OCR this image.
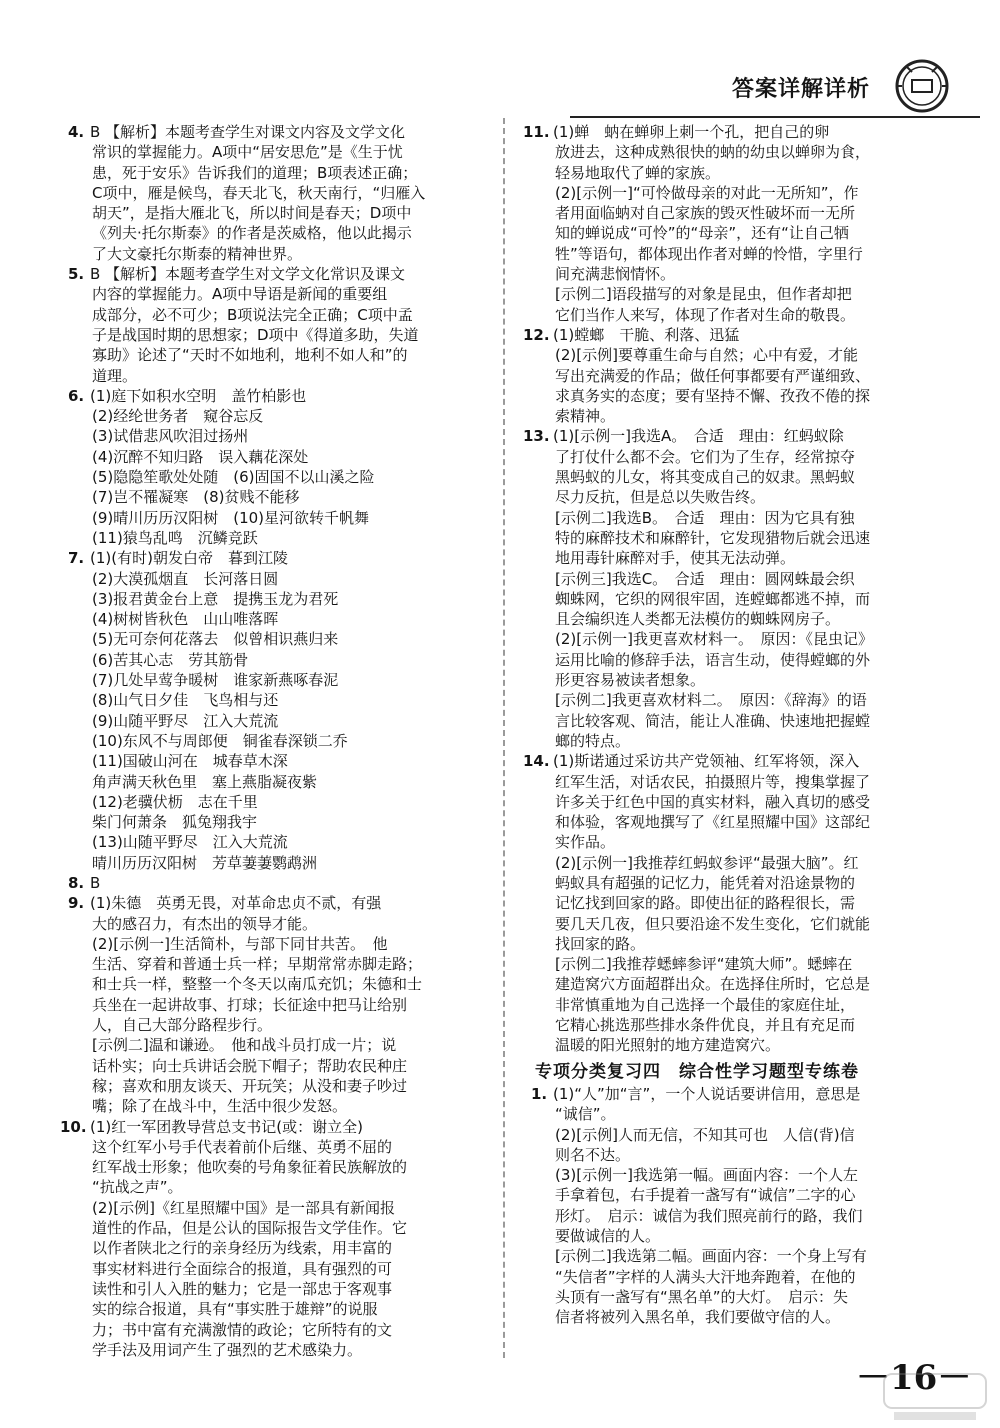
答案详解详析
4. B 【解析】本题考查学生对课文内容及文学文化
常识的掌握能力。A项中“居安思危”是《生于忧
患，死于安乐》告诉我们的道理；B项表述正确；
C项中，雁是候鸟，春天北飞，秋天南行，“归雁入
胡天”，是指大雁北飞，所以时间是春天；D项中
《列夫·托尔斯泰》的作者是茨威格，他以此揭示
了大文豪托尔斯泰的精神世界。
5. B 【解析】本题考查学生对文学文化常识及课文
内容的掌握能力。A项中导语是新闻的重要组
成部分，必不可少；B项说法完全正确；C项中孟
子是战国时期的思想家；D项中《得道多助，失道
寡助》论述了“天时不如地利，地利不如人和”的
道理。
6. (1)庭下如积水空明　盖竹柏影也
(2)经纶世务者　窥谷忘反
(3)试借悲风吹泪过扬州
(4)沉醉不知归路　误入藕花深处
(5)隐隐笙歌处处随　(6)固国不以山溪之险
(7)岂不罹凝寒　(8)贫贱不能移
(9)晴川历历汉阳树　(10)星河欲转千帆舞
(11)猿鸟乱鸣　沉鳞竞跃
7. (1)(有时)朝发白帝　暮到江陵
(2)大漠孤烟直　长河落日圆
(3)报君黄金台上意　提携玉龙为君死
(4)树树皆秋色　山山唯落晖
(5)无可奈何花落去　似曾相识燕归来
(6)苦其心志　劳其筋骨
(7)几处早莺争暖树　谁家新燕啄春泥
(8)山气日夕佳　飞鸟相与还
(9)山随平野尽　江入大荒流
(10)东风不与周郎便　铜雀春深锁二乔
(11)国破山河在　城春草木深
角声满天秋色里　塞上燕脂凝夜紫
(12)老骥伏枥　志在千里
柴门何萧条　狐兔翔我宇
(13)山随平野尽　江入大荒流
晴川历历汉阳树　芳草萋萋鹦鹉洲
8. B
9. (1)朱德　英勇无畏，对革命忠贞不贰，有强
大的感召力，有杰出的领导才能。
(2)[示例一]生活简朴，与部下同甘共苦。　他
生活、穿着和普通士兵一样；早期常常赤脚走路；
和士兵一样，整整一个冬天以南瓜充饥；朱德和士
兵坐在一起讲故事、打球；长征途中把马让给别
人，自己大部分路程步行。
[示例二]温和谦逊。　他和战斗员打成一片；说
话朴实；向士兵讲话会脱下帽子；帮助农民种庄
稼；喜欢和朋友谈天、开玩笑；从没和妻子吵过
嘴；除了在战斗中，生活中很少发怒。
10. (1)红一军团教导营总支书记(或：谢立全)
这个红军小号手代表着前仆后继、英勇不屈的
红军战士形象；他吹奏的号角象征着民族解放的
“抗战之声”。
(2)[示例]《红星照耀中国》是一部具有新闻报
道性的作品，但是公认的国际报告文学佳作。它
以作者陕北之行的亲身经历为线索，用丰富的
事实材料进行全面综合的报道，具有强烈的可
读性和引人入胜的魅力；它是一部忠于客观事
实的综合报道，具有“事实胜于雄辩”的说服
力；书中富有充满激情的政论；它所特有的文
学手法及用词产生了强烈的艺术感染力。
11. (1)蝉　蚋在蝉卵上刺一个孔，把自己的卵
放进去，这种成熟很快的蚋的幼虫以蝉卵为食，
轻易地取代了蝉的家族。
(2)[示例一]“可怜做母亲的对此一无所知”，作
者用面临蚋对自己家族的毁灭性破坏而一无所
知的蝉说成“可怜”的“母亲”，还有“让自己牺
牲”等语句，都体现出作者对蝉的怜惜，字里行
间充满悲悯情怀。
[示例二]语段描写的对象是昆虫，但作者却把
它们当作人来写，体现了作者对生命的敬畏。
12. (1)螳螂　干脆、利落、迅猛
(2)[示例]要尊重生命与自然；心中有爱，才能
写出充满爱的作品；做任何事都要有严谨细致、
求真务实的态度；要有坚持不懈、孜孜不倦的探
索精神。
13. (1)[示例一]我选A。　合适　理由：红蚂蚁除
了打仗什么都不会。它们为了生存，经常掠夺
黑蚂蚁的儿女，将其变成自己的奴隶。黑蚂蚁
尽力反抗，但是总以失败告终。
[示例二]我选B。　合适　理由：因为它具有独
特的麻醉技术和麻醉针，它发现猎物后就会迅速
地用毒针麻醉对手，使其无法动弹。
[示例三]我选C。　合适　理由：圆网蛛最会织
蜘蛛网，它织的网很牢固，连螳螂都逃不掉，而
且会编织连人类都无法模仿的蜘蛛网房子。
(2)[示例一]我更喜欢材料一。　原因：《昆虫记》
运用比喻的修辞手法，语言生动，使得螳螂的外
形更容易被读者想象。
[示例二]我更喜欢材料二。　原因：《辞海》的语
言比较客观、简洁，能让人准确、快速地把握螳
螂的特点。
14. (1)斯诺通过采访共产党领袖、红军将领，深入
红军生活，对话农民，拍摄照片等，搜集掌握了
许多关于红色中国的真实材料，融入真切的感受
和体验，客观地撰写了《红星照耀中国》这部纪
实作品。
(2)[示例一]我推荐红蚂蚁参评“最强大脑”。红
蚂蚁具有超强的记忆力，能凭着对沿途景物的
记忆找到回家的路。即使出征的路程很长，需
要几天几夜，但只要沿途不发生变化，它们就能
找回家的路。
[示例二]我推荐蟋蟀参评“建筑大师”。蟋蟀在
建造窝穴方面超群出众。在选择住所时，它总是
非常慎重地为自己选择一个最佳的家庭住址，
它精心挑选那些排水条件优良，并且有充足而
温暖的阳光照射的地方建造窝穴。
专项分类复习四　综合性学习题型专练卷
1. (1)“人”加“言”，一个人说话要讲信用，意思是
“诚信”。
(2)[示例]人而无信，不知其可也　人信(背)信
则名不达。
(3)[示例一]我选第一幅。画面内容：一个人左
手拿着包，右手提着一盏写有“诚信”二字的心
形灯。　启示：诚信为我们照亮前行的路，我们
要做诚信的人。
[示例二]我选第二幅。画面内容：一个身上写有
“失信者”字样的人满头大汗地奔跑着，在他的
头顶有一盏写有“黑名单”的大灯。　启示：失
信者将被列入黑名单，我们要做守信的人。
－16－
